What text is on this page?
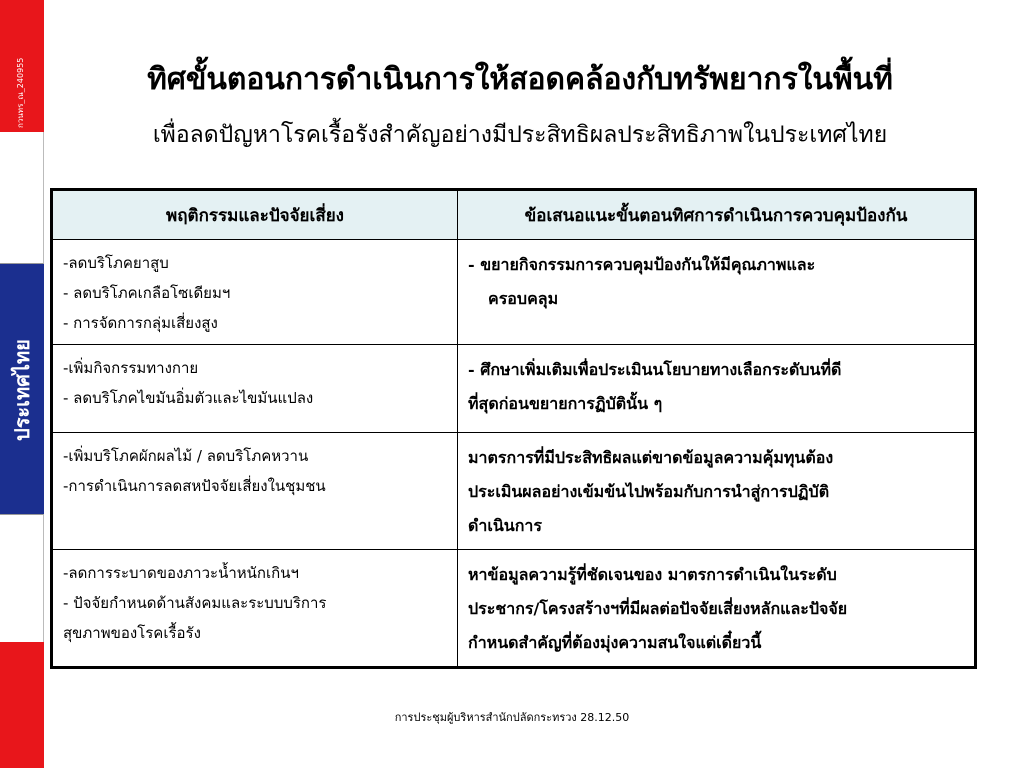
กวนทร_ณ_240955
ประเทศไทย
ทิศขั้นตอนการดำเนินการให้สอดคล้องกับทรัพยากรในพื้นที่
เพื่อลดปัญหาโรคเรื้อรังสำคัญอย่างมีประสิทธิผลประสิทธิภาพในประเทศไทย
พฤติกรรมและปัจจัยเสี่ยง	ข้อเสนอแนะขั้นตอนทิศการดำเนินการควบคุมป้องกัน

-ลดบริโภคยาสูบ
- ลดบริโภคเกลือโซเดียมฯ
- การจัดการกลุ่มเสี่ยงสูง	- ขยายกิจกรรมการควบคุมป้องกันให้มีคุณภาพและ
ครอบคลุม

-เพิ่มกิจกรรมทางกาย
- ลดบริโภคไขมันอิ่มตัวและไขมันแปลง	- ศึกษาเพิ่มเติมเพื่อประเมินนโยบายทางเลือกระดับนที่ดี
ที่สุดก่อนขยายการฏิบัตินั้น ๆ

-เพิ่มบริโภคผักผลไม้ / ลดบริโภคหวาน
-การดำเนินการลดสหปัจจัยเสี่ยงในชุมชน	มาตรการที่มีประสิทธิผลแต่ขาดข้อมูลความคุ้มทุนต้อง
ประเมินผลอย่างเข้มข้นไปพร้อมกับการนำสู่การปฏิบัติ
ดำเนินการ

-ลดการระบาดของภาวะน้ำหนักเกินฯ
- ปัจจัยกำหนดด้านสังคมและระบบบริการ
สุขภาพของโรคเรื้อรัง	หาข้อมูลความรู้ที่ชัดเจนของ มาตรการดำเนินในระดับ
ประชากร/โครงสร้างฯที่มีผลต่อปัจจัยเสี่ยงหลักและปัจจัย
กำหนดสำคัญที่ต้องมุ่งความสนใจแต่เดี๋ยวนี้
การประชุมผู้บริหารสำนักปลัดกระทรวง 28.12.50
